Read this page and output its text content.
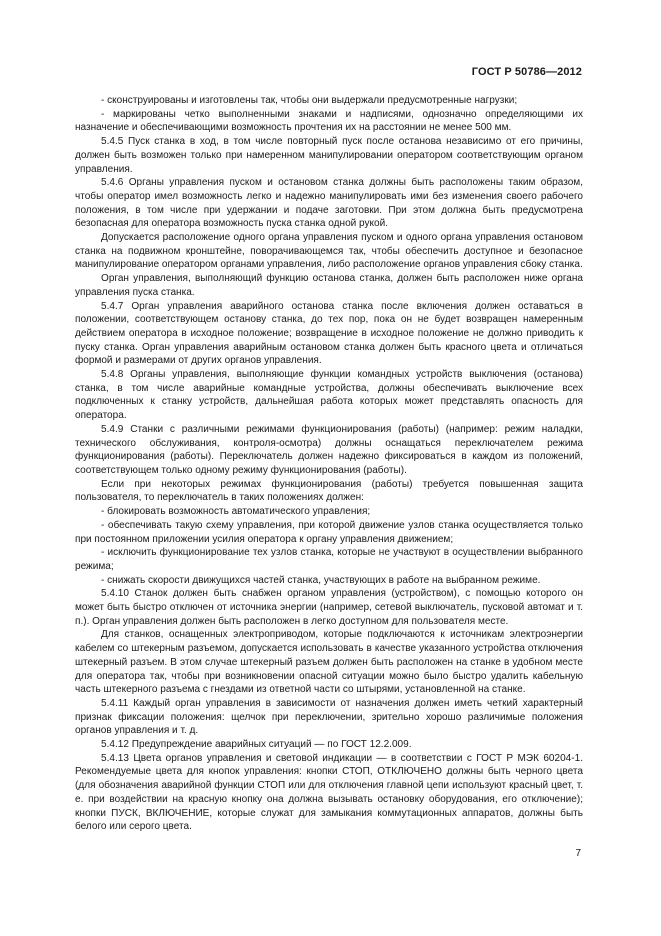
ГОСТ Р 50786—2012

- сконструированы и изготовлены так, чтобы они выдержали предусмотренные нагрузки;

- маркированы четко выполненными знаками и надписями, однозначно определяющими их назначение и обеспечивающими возможность прочтения их на расстоянии не менее 500 мм.

5.4.5 Пуск станка в ход, в том числе повторный пуск после останова независимо от его причины, должен быть возможен только при намеренном манипулировании оператором соответствующим органом управления.

5.4.6 Органы управления пуском и остановом станка должны быть расположены таким образом, чтобы оператор имел возможность легко и надежно манипулировать ими без изменения своего рабочего положения, в том числе при удержании и подаче заготовки. При этом должна быть предусмотрена безопасная для оператора возможность пуска станка одной рукой.

Допускается расположение одного органа управления пуском и одного органа управления остановом станка на подвижном кронштейне, поворачивающемся так, чтобы обеспечить доступное и безопасное манипулирование оператором органами управления, либо расположение органов управления сбоку станка.

Орган управления, выполняющий функцию останова станка, должен быть расположен ниже органа управления пуска станка.

5.4.7 Орган управления аварийного останова станка после включения должен оставаться в положении, соответствующем останову станка, до тех пор, пока он не будет возвращен намеренным действием оператора в исходное положение; возвращение в исходное положение не должно приводить к пуску станка. Орган управления аварийным остановом станка должен быть красного цвета и отличаться формой и размерами от других органов управления.

5.4.8 Органы управления, выполняющие функции командных устройств выключения (останова) станка, в том числе аварийные командные устройства, должны обеспечивать выключение всех подключенных к станку устройств, дальнейшая работа которых может представлять опасность для оператора.

5.4.9 Станки с различными режимами функционирования (работы) (например: режим наладки, технического обслуживания, контроля-осмотра) должны оснащаться переключателем режима функционирования (работы). Переключатель должен надежно фиксироваться в каждом из положений, соответствующем только одному режиму функционирования (работы).

Если при некоторых режимах функционирования (работы) требуется повышенная защита пользователя, то переключатель в таких положениях должен:

- блокировать возможность автоматического управления;

- обеспечивать такую схему управления, при которой движение узлов станка осуществляется только при постоянном приложении усилия оператора к органу управления движением;

- исключить функционирование тех узлов станка, которые не участвуют в осуществлении выбранного режима;

- снижать скорости движущихся частей станка, участвующих в работе на выбранном режиме.

5.4.10 Станок должен быть снабжен органом управления (устройством), с помощью которого он может быть быстро отключен от источника энергии (например, сетевой выключатель, пусковой автомат и т. п.). Орган управления должен быть расположен в легко доступном для пользователя месте.

Для станков, оснащенных электроприводом, которые подключаются к источникам электроэнергии кабелем со штекерным разъемом, допускается использовать в качестве указанного устройства отключения штекерный разъем. В этом случае штекерный разъем должен быть расположен на станке в удобном месте для оператора так, чтобы при возникновении опасной ситуации можно было быстро удалить кабельную часть штекерного разъема с гнездами из ответной части со штырями, установленной на станке.

5.4.11 Каждый орган управления в зависимости от назначения должен иметь четкий характерный признак фиксации положения: щелчок при переключении, зрительно хорошо различимые положения органов управления и т. д.

5.4.12 Предупреждение аварийных ситуаций — по ГОСТ 12.2.009.

5.4.13 Цвета органов управления и световой индикации — в соответствии с ГОСТ Р МЭК 60204-1. Рекомендуемые цвета для кнопок управления: кнопки СТОП, ОТКЛЮЧЕНО должны быть черного цвета (для обозначения аварийной функции СТОП или для отключения главной цепи используют красный цвет, т. е. при воздействии на красную кнопку она должна вызывать остановку оборудования, его отключение); кнопки ПУСК, ВКЛЮЧЕНИЕ, которые служат для замыкания коммутационных аппаратов, должны быть белого или серого цвета.

7
